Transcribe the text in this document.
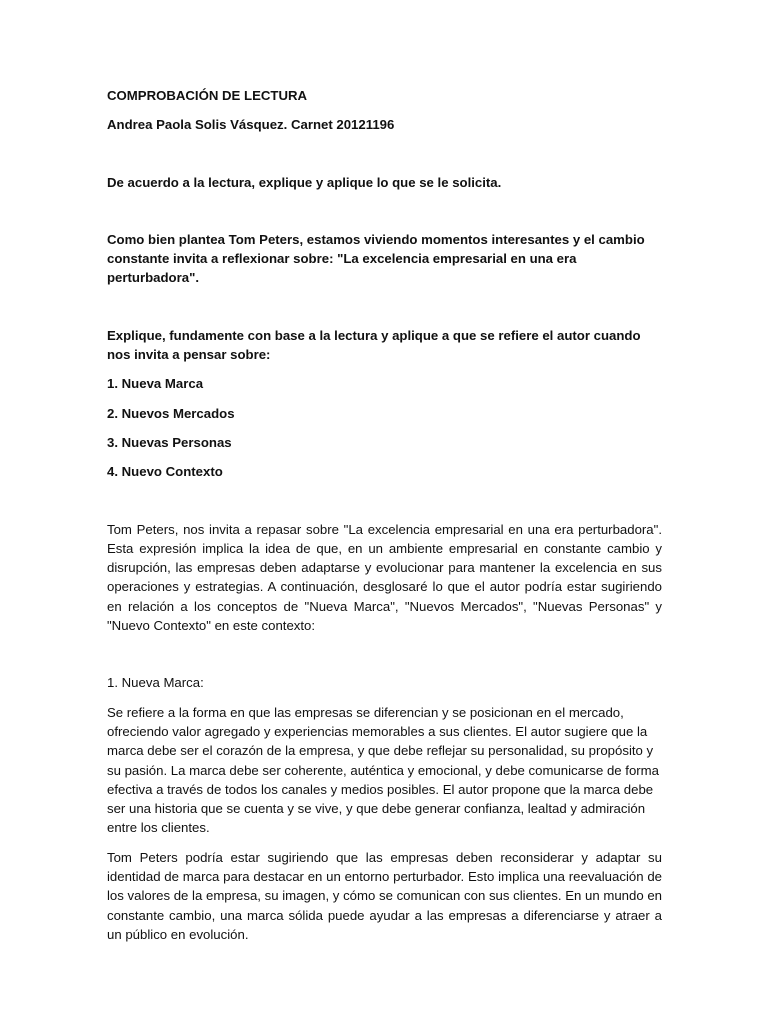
COMPROBACIÓN DE LECTURA

Andrea Paola Solis Vásquez. Carnet 20121196

De acuerdo a la lectura, explique y aplique lo que se le solicita.

Como bien plantea Tom Peters, estamos viviendo momentos interesantes y el cambio constante invita a reflexionar sobre: "La excelencia empresarial en una era perturbadora".

Explique, fundamente con base a la lectura y aplique a que se refiere el autor cuando nos invita a pensar sobre:

1. Nueva Marca

2. Nuevos Mercados

3. Nuevas Personas

4. Nuevo Contexto

Tom Peters, nos invita a repasar sobre "La excelencia empresarial en una era perturbadora". Esta expresión implica la idea de que, en un ambiente empresarial en constante cambio y disrupción, las empresas deben adaptarse y evolucionar para mantener la excelencia en sus operaciones y estrategias. A continuación, desglosaré lo que el autor podría estar sugiriendo en relación a los conceptos de "Nueva Marca", "Nuevos Mercados", "Nuevas Personas" y "Nuevo Contexto" en este contexto:

1. Nueva Marca:

Se refiere a la forma en que las empresas se diferencian y se posicionan en el mercado, ofreciendo valor agregado y experiencias memorables a sus clientes. El autor sugiere que la marca debe ser el corazón de la empresa, y que debe reflejar su personalidad, su propósito y su pasión. La marca debe ser coherente, auténtica y emocional, y debe comunicarse de forma efectiva a través de todos los canales y medios posibles. El autor propone que la marca debe ser una historia que se cuenta y se vive, y que debe generar confianza, lealtad y admiración entre los clientes.

Tom Peters podría estar sugiriendo que las empresas deben reconsiderar y adaptar su identidad de marca para destacar en un entorno perturbador. Esto implica una reevaluación de los valores de la empresa, su imagen, y cómo se comunican con sus clientes. En un mundo en constante cambio, una marca sólida puede ayudar a las empresas a diferenciarse y atraer a un público en evolución.
